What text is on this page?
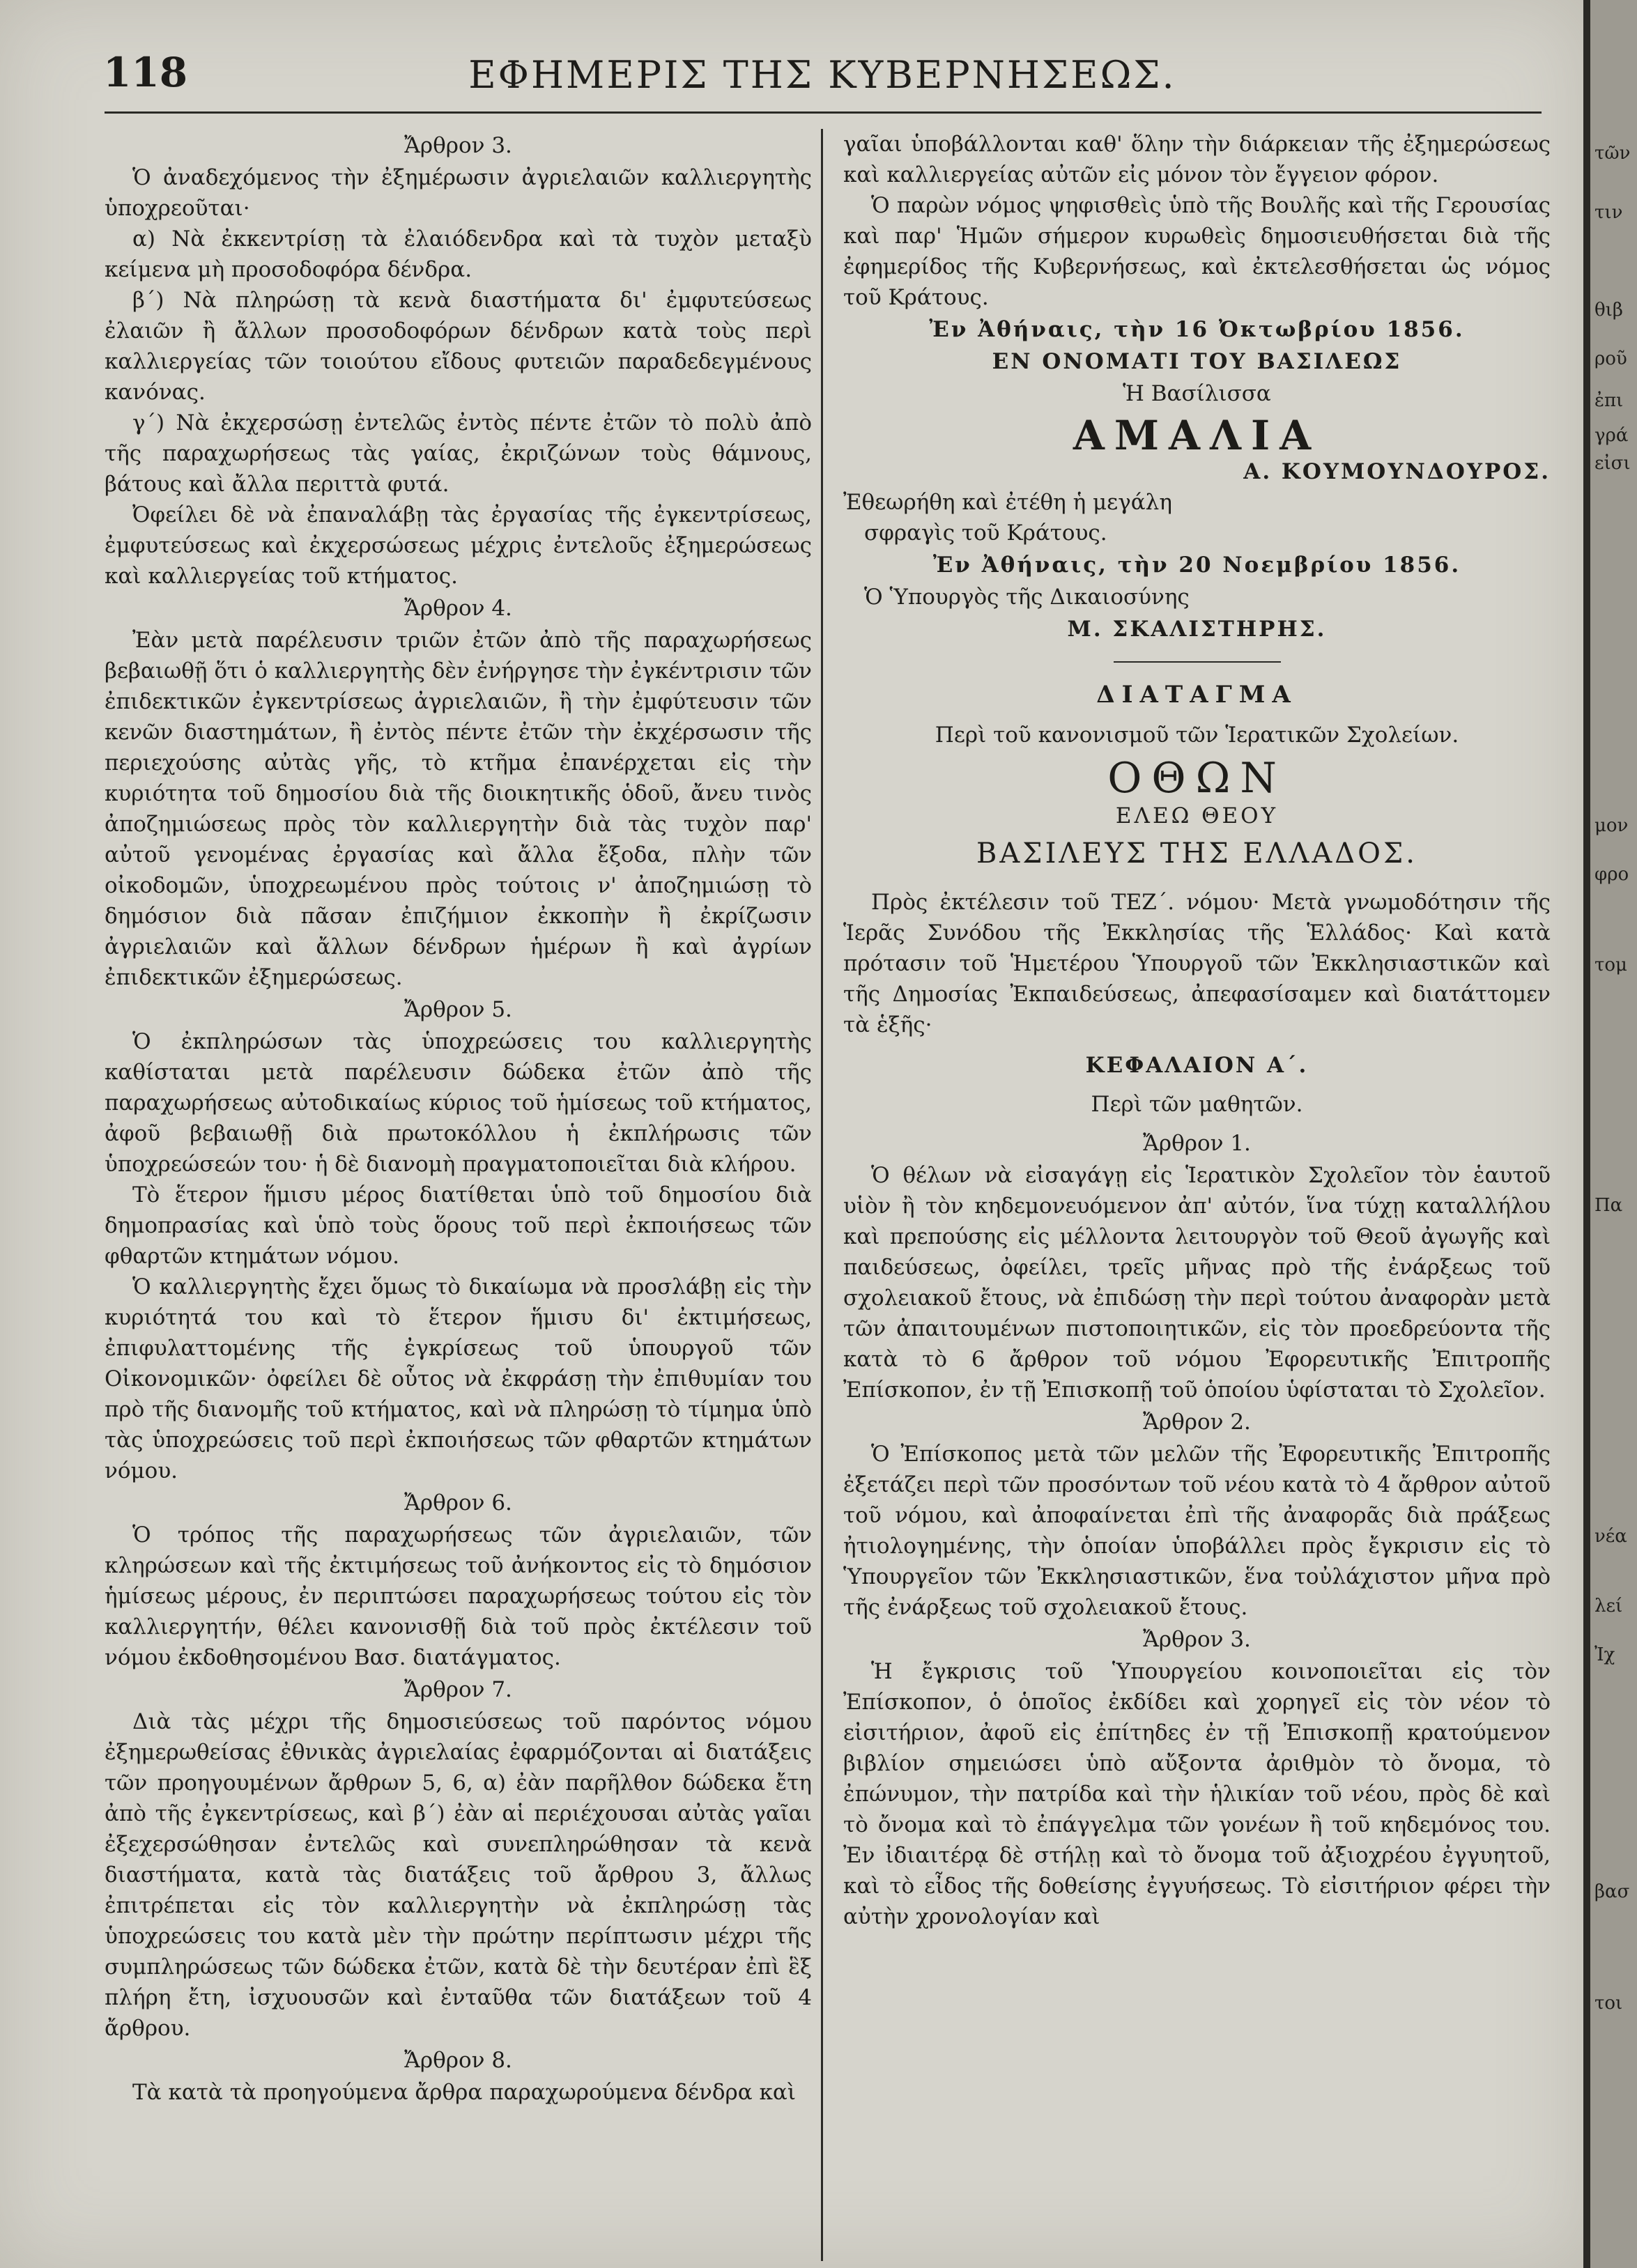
118	ΕΦΗΜΕΡΙΣ ΤΗΣ ΚΥΒΕΡΝΗΣΕΩΣ.
Ἄρθρον 3.

Ὁ ἀναδεχόμενος τὴν ἐξημέρωσιν ἀγριελαιῶν καλλιεργητὴς ὑποχρεοῦται·

α) Νὰ ἐκκεντρίσῃ τὰ ἐλαιόδενδρα καὶ τὰ τυχὸν μεταξὺ κείμενα μὴ προσοδοφόρα δένδρα.

β΄) Νὰ πληρώσῃ τὰ κενὰ διαστήματα δι' ἐμφυτεύσεως ἐλαιῶν ἢ ἄλλων προσοδοφόρων δένδρων κατὰ τοὺς περὶ καλλιεργείας τῶν τοιούτου εἴδους φυτειῶν παραδεδεγμένους κανόνας.

γ΄) Νὰ ἐκχερσώσῃ ἐντελῶς ἐντὸς πέντε ἐτῶν τὸ πολὺ ἀπὸ τῆς παραχωρήσεως τὰς γαίας, ἐκριζώνων τοὺς θάμνους, βάτους καὶ ἄλλα περιττὰ φυτά.

Ὀφείλει δὲ νὰ ἐπαναλάβῃ τὰς ἐργασίας τῆς ἐγκεντρίσεως, ἐμφυτεύσεως καὶ ἐκχερσώσεως μέχρις ἐντελοῦς ἐξημερώσεως καὶ καλλιεργείας τοῦ κτήματος.

Ἄρθρον 4.

Ἐὰν μετὰ παρέλευσιν τριῶν ἐτῶν ἀπὸ τῆς παραχωρήσεως βεβαιωθῇ ὅτι ὁ καλλιεργητὴς δὲν ἐνήργησε τὴν ἐγκέντρισιν τῶν ἐπιδεκτικῶν ἐγκεντρίσεως ἀγριελαιῶν, ἢ τὴν ἐμφύτευσιν τῶν κενῶν διαστημάτων, ἢ ἐντὸς πέντε ἐτῶν τὴν ἐκχέρσωσιν τῆς περιεχούσης αὐτὰς γῆς, τὸ κτῆμα ἐπανέρχεται εἰς τὴν κυριότητα τοῦ δημοσίου διὰ τῆς διοικητικῆς ὁδοῦ, ἄνευ τινὸς ἀποζημιώσεως πρὸς τὸν καλλιεργητὴν διὰ τὰς τυχὸν παρ' αὐτοῦ γενομένας ἐργασίας καὶ ἄλλα ἔξοδα, πλὴν τῶν οἰκοδομῶν, ὑποχρεωμένου πρὸς τούτοις ν' ἀποζημιώσῃ τὸ δημόσιον διὰ πᾶσαν ἐπιζήμιον ἐκκοπὴν ἢ ἐκρίζωσιν ἀγριελαιῶν καὶ ἄλλων δένδρων ἡμέρων ἢ καὶ ἀγρίων ἐπιδεκτικῶν ἐξημερώσεως.

Ἄρθρον 5.

Ὁ ἐκπληρώσων τὰς ὑποχρεώσεις του καλλιεργητὴς καθίσταται μετὰ παρέλευσιν δώδεκα ἐτῶν ἀπὸ τῆς παραχωρήσεως αὐτοδικαίως κύριος τοῦ ἡμίσεως τοῦ κτήματος, ἀφοῦ βεβαιωθῇ διὰ πρωτοκόλλου ἡ ἐκπλήρωσις τῶν ὑποχρεώσεών του· ἡ δὲ διανομὴ πραγματοποιεῖται διὰ κλήρου.

Τὸ ἕτερον ἥμισυ μέρος διατίθεται ὑπὸ τοῦ δημοσίου διὰ δημοπρασίας καὶ ὑπὸ τοὺς ὅρους τοῦ περὶ ἐκποιήσεως τῶν φθαρτῶν κτημάτων νόμου.

Ὁ καλλιεργητὴς ἔχει ὅμως τὸ δικαίωμα νὰ προσλάβῃ εἰς τὴν κυριότητά του καὶ τὸ ἕτερον ἥμισυ δι' ἐκτιμήσεως, ἐπιφυλαττομένης τῆς ἐγκρίσεως τοῦ ὑπουργοῦ τῶν Οἰκονομικῶν· ὀφείλει δὲ οὗτος νὰ ἐκφράσῃ τὴν ἐπιθυμίαν του πρὸ τῆς διανομῆς τοῦ κτήματος, καὶ νὰ πληρώσῃ τὸ τίμημα ὑπὸ τὰς ὑποχρεώσεις τοῦ περὶ ἐκποιήσεως τῶν φθαρτῶν κτημάτων νόμου.

Ἄρθρον 6.

Ὁ τρόπος τῆς παραχωρήσεως τῶν ἀγριελαιῶν, τῶν κληρώσεων καὶ τῆς ἐκτιμήσεως τοῦ ἀνήκοντος εἰς τὸ δημόσιον ἡμίσεως μέρους, ἐν περιπτώσει παραχωρήσεως τούτου εἰς τὸν καλλιεργητήν, θέλει κανονισθῇ διὰ τοῦ πρὸς ἐκτέλεσιν τοῦ νόμου ἐκδοθησομένου Βασ. διατάγματος.

Ἄρθρον 7.

Διὰ τὰς μέχρι τῆς δημοσιεύσεως τοῦ παρόντος νόμου ἐξημερωθείσας ἐθνικὰς ἀγριελαίας ἐφαρμόζονται αἱ διατάξεις τῶν προηγουμένων ἄρθρων 5, 6, α) ἐὰν παρῆλθον δώδεκα ἔτη ἀπὸ τῆς ἐγκεντρίσεως, καὶ β΄) ἐὰν αἱ περιέχουσαι αὐτὰς γαῖαι ἐξεχερσώθησαν ἐντελῶς καὶ συνεπληρώθησαν τὰ κενὰ διαστήματα, κατὰ τὰς διατάξεις τοῦ ἄρθρου 3, ἄλλως ἐπιτρέπεται εἰς τὸν καλλιεργητὴν νὰ ἐκπληρώσῃ τὰς ὑποχρεώσεις του κατὰ μὲν τὴν πρώτην περίπτωσιν μέχρι τῆς συμπληρώσεως τῶν δώδεκα ἐτῶν, κατὰ δὲ τὴν δευτέραν ἐπὶ ἓξ πλήρη ἔτη, ἰσχυουσῶν καὶ ἐνταῦθα τῶν διατάξεων τοῦ 4 ἄρθρου.

Ἄρθρον 8.

Τὰ κατὰ τὰ προηγούμενα ἄρθρα παραχωρούμενα δένδρα καὶ

γαῖαι ὑποβάλλονται καθ' ὅλην τὴν διάρκειαν τῆς ἐξημερώσεως καὶ καλλιεργείας αὐτῶν εἰς μόνον τὸν ἔγγειον φόρον.

Ὁ παρὼν νόμος ψηφισθεὶς ὑπὸ τῆς Βουλῆς καὶ τῆς Γερουσίας καὶ παρ' Ἡμῶν σήμερον κυρωθεὶς δημοσιευθήσεται διὰ τῆς ἐφημερίδος τῆς Κυβερνήσεως, καὶ ἐκτελεσθήσεται ὡς νόμος τοῦ Κράτους.

Ἐν Ἀθήναις, τὴν 16 Ὀκτωβρίου 1856.
ΕΝ ΟΝΟΜΑΤΙ ΤΟΥ ΒΑΣΙΛΕΩΣ
Ἡ Βασίλισσα
ΑΜΑΛΙΑ
Α. ΚΟΥΜΟΥΝΔΟΥΡΟΣ.
Ἐθεωρήθη καὶ ἐτέθη ἡ μεγάλη
σφραγὶς τοῦ Κράτους.
Ἐν Ἀθήναις, τὴν 20 Νοεμβρίου 1856.
Ὁ Ὑπουργὸς τῆς Δικαιοσύνης
Μ. ΣΚΑΛΙΣΤΗΡΗΣ.
ΔΙΑΤΑΓΜΑ
Περὶ τοῦ κανονισμοῦ τῶν Ἱερατικῶν Σχολείων.
ΟΘΩΝ
ΕΛΕΩ ΘΕΟΥ
ΒΑΣΙΛΕΥΣ ΤΗΣ ΕΛΛΑΔΟΣ.

Πρὸς ἐκτέλεσιν τοῦ ΤΕΖ΄. νόμου· Μετὰ γνωμοδότησιν τῆς Ἱερᾶς Συνόδου τῆς Ἐκκλησίας τῆς Ἑλλάδος· Καὶ κατὰ πρότασιν τοῦ Ἡμετέρου Ὑπουργοῦ τῶν Ἐκκλησιαστικῶν καὶ τῆς Δημοσίας Ἐκπαιδεύσεως, ἀπεφασίσαμεν καὶ διατάττομεν τὰ ἑξῆς·

ΚΕΦΑΛΑΙΟΝ Α΄.
Περὶ τῶν μαθητῶν.
Ἄρθρον 1.

Ὁ θέλων νὰ εἰσαγάγῃ εἰς Ἱερατικὸν Σχολεῖον τὸν ἑαυτοῦ υἱὸν ἢ τὸν κηδεμονευόμενον ἀπ' αὐτόν, ἵνα τύχῃ καταλλήλου καὶ πρεπούσης εἰς μέλλοντα λειτουργὸν τοῦ Θεοῦ ἀγωγῆς καὶ παιδεύσεως, ὀφείλει, τρεῖς μῆνας πρὸ τῆς ἐνάρξεως τοῦ σχολειακοῦ ἔτους, νὰ ἐπιδώσῃ τὴν περὶ τούτου ἀναφορὰν μετὰ τῶν ἀπαιτουμένων πιστοποιητικῶν, εἰς τὸν προεδρεύοντα τῆς κατὰ τὸ 6 ἄρθρον τοῦ νόμου Ἐφορευτικῆς Ἐπιτροπῆς Ἐπίσκοπον, ἐν τῇ Ἐπισκοπῇ τοῦ ὁποίου ὑφίσταται τὸ Σχολεῖον.

Ἄρθρον 2.

Ὁ Ἐπίσκοπος μετὰ τῶν μελῶν τῆς Ἐφορευτικῆς Ἐπιτροπῆς ἐξετάζει περὶ τῶν προσόντων τοῦ νέου κατὰ τὸ 4 ἄρθρον αὐτοῦ τοῦ νόμου, καὶ ἀποφαίνεται ἐπὶ τῆς ἀναφορᾶς διὰ πράξεως ἠτιολογημένης, τὴν ὁποίαν ὑποβάλλει πρὸς ἔγκρισιν εἰς τὸ Ὑπουργεῖον τῶν Ἐκκλησιαστικῶν, ἕνα τοὐλάχιστον μῆνα πρὸ τῆς ἐνάρξεως τοῦ σχολειακοῦ ἔτους.

Ἄρθρον 3.

Ἡ ἔγκρισις τοῦ Ὑπουργείου κοινοποιεῖται εἰς τὸν Ἐπίσκοπον, ὁ ὁποῖος ἐκδίδει καὶ χορηγεῖ εἰς τὸν νέον τὸ εἰσιτήριον, ἀφοῦ εἰς ἐπίτηδες ἐν τῇ Ἐπισκοπῇ κρατούμενον βιβλίον σημειώσει ὑπὸ αὔξοντα ἀριθμὸν τὸ ὄνομα, τὸ ἐπώνυμον, τὴν πατρίδα καὶ τὴν ἡλικίαν τοῦ νέου, πρὸς δὲ καὶ τὸ ὄνομα καὶ τὸ ἐπάγγελμα τῶν γονέων ἢ τοῦ κηδεμόνος του. Ἐν ἰδιαιτέρᾳ δὲ στήλῃ καὶ τὸ ὄνομα τοῦ ἀξιοχρέου ἐγγυητοῦ, καὶ τὸ εἶδος τῆς δοθείσης ἐγγυήσεως. Τὸ εἰσιτήριον φέρει τὴν αὐτὴν χρονολογίαν καὶ

τῶν
τιν
θιβ
ροῦ
ἐπι
γρά
εἰσι
μον
φρο
τομ
Πα
νέα
λεί
Ἰχ
βασ
τοι
